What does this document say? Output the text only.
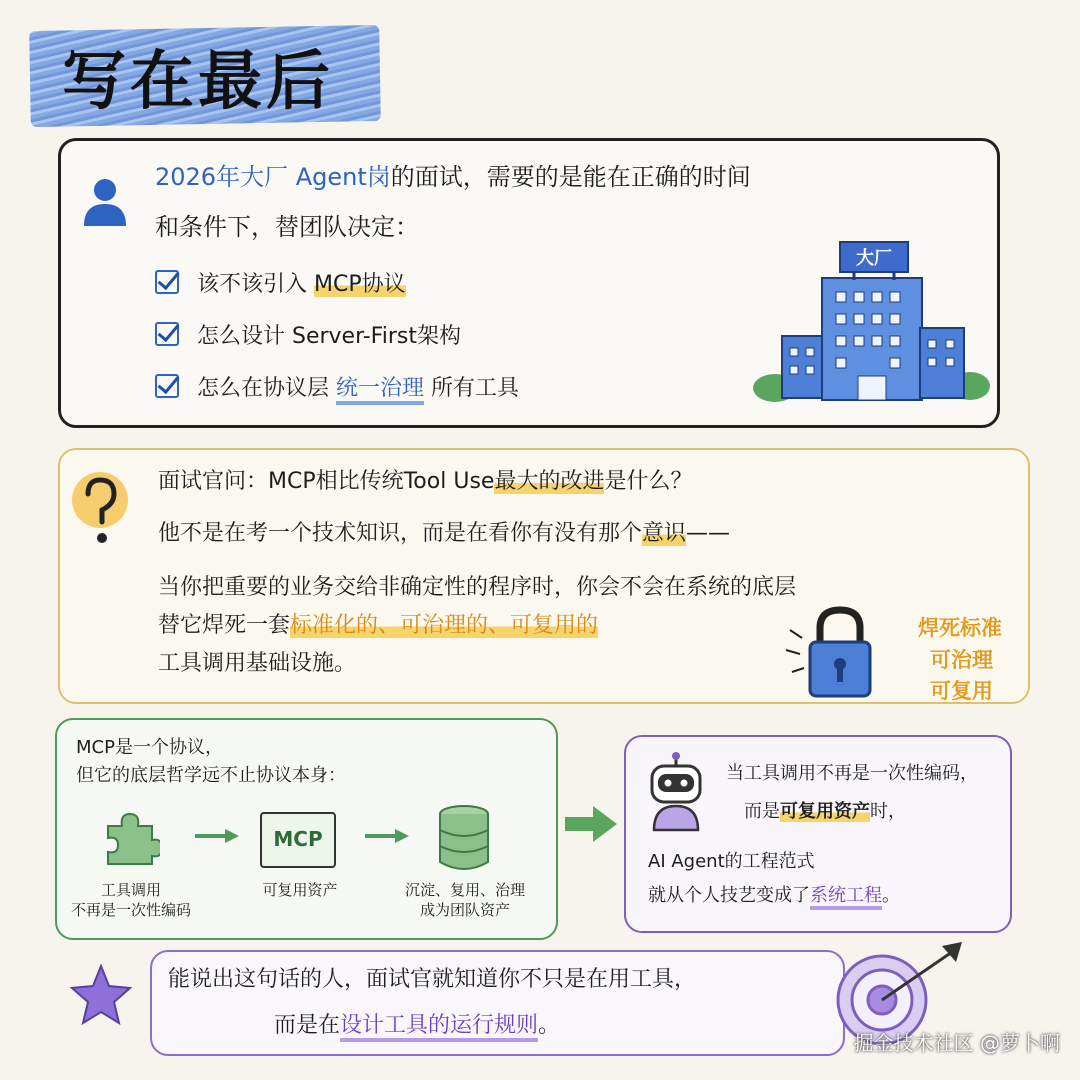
写在最后
2026年大厂 Agent岗的面试，需要的是能在正确的时间
和条件下，替团队决定：
该不该引入 MCP协议
怎么设计 Server-First架构
怎么在协议层 统一治理 所有工具
大厂
面试官问：MCP相比传统Tool Use最大的改进是什么？
他不是在考一个技术知识，而是在看你有没有那个意识——
当你把重要的业务交给非确定性的程序时，你会不会在系统的底层
替它焊死一套标准化的、可治理的、可复用的
工具调用基础设施。
焊死标准
可治理
可复用
MCP是一个协议，
但它的底层哲学远不止协议本身：
MCP
工具调用
不再是一次性编码
可复用资产	沉淀、复用、治理
成为团队资产
当工具调用不再是一次性编码，
而是可复用资产时，
AI Agent的工程范式
就从个人技艺变成了系统工程。
能说出这句话的人，面试官就知道你不只是在用工具，
而是在设计工具的运行规则。
掘金技术社区 @萝卜啊
